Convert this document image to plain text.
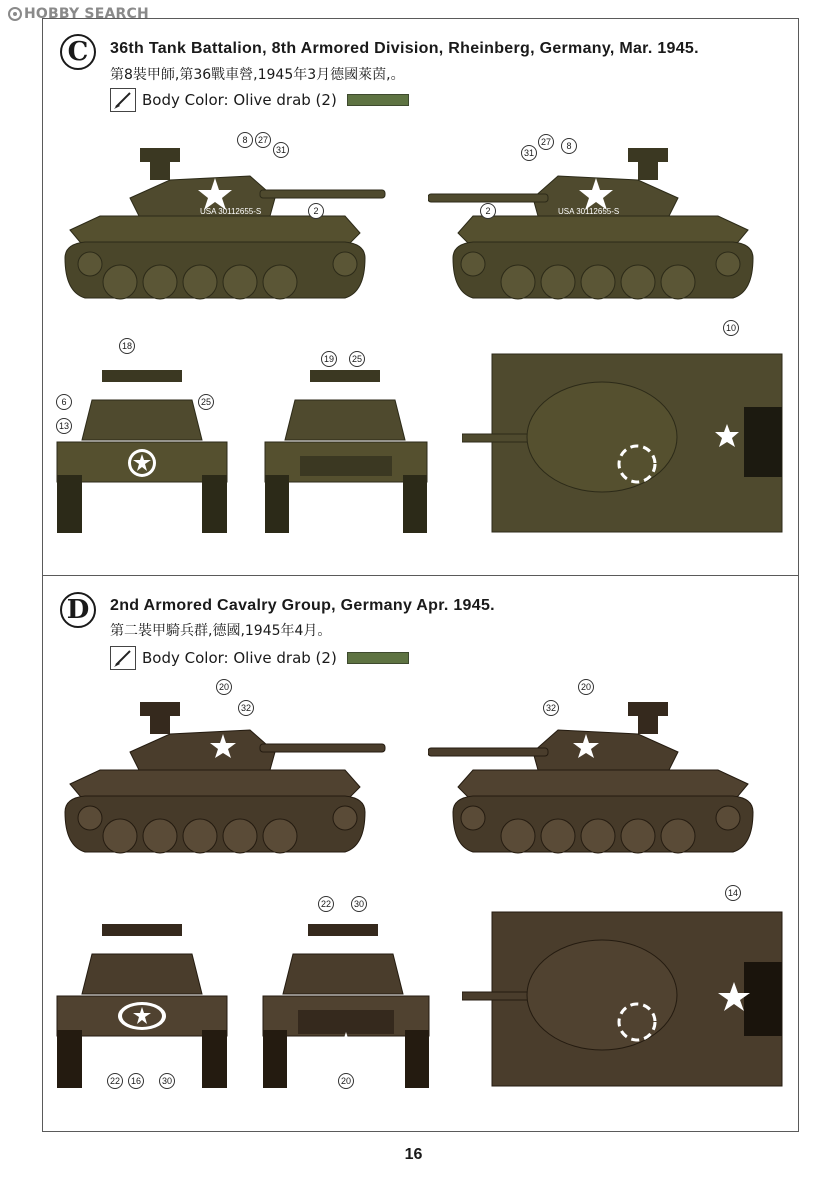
HOBBY SEARCH
C	36th Tank Battalion, 8th Armored Division, Rheinberg, Germany, Mar. 1945.
第8裝甲師,第36戰車營,1945年3月德國萊茵,。
Body Color:
Olive drab (2)
USA 30112655-S
8	27
31
2	USA 30112655-S
27	8
31
2
18
6	25
13
19	25
10
D	2nd Armored Cavalry Group, Germany Apr. 1945.
第二裝甲騎兵群,德國,1945年4月。
Body Color:
Olive drab (2)
20
32	32
20
22	16	30
22	30
20
14
16
